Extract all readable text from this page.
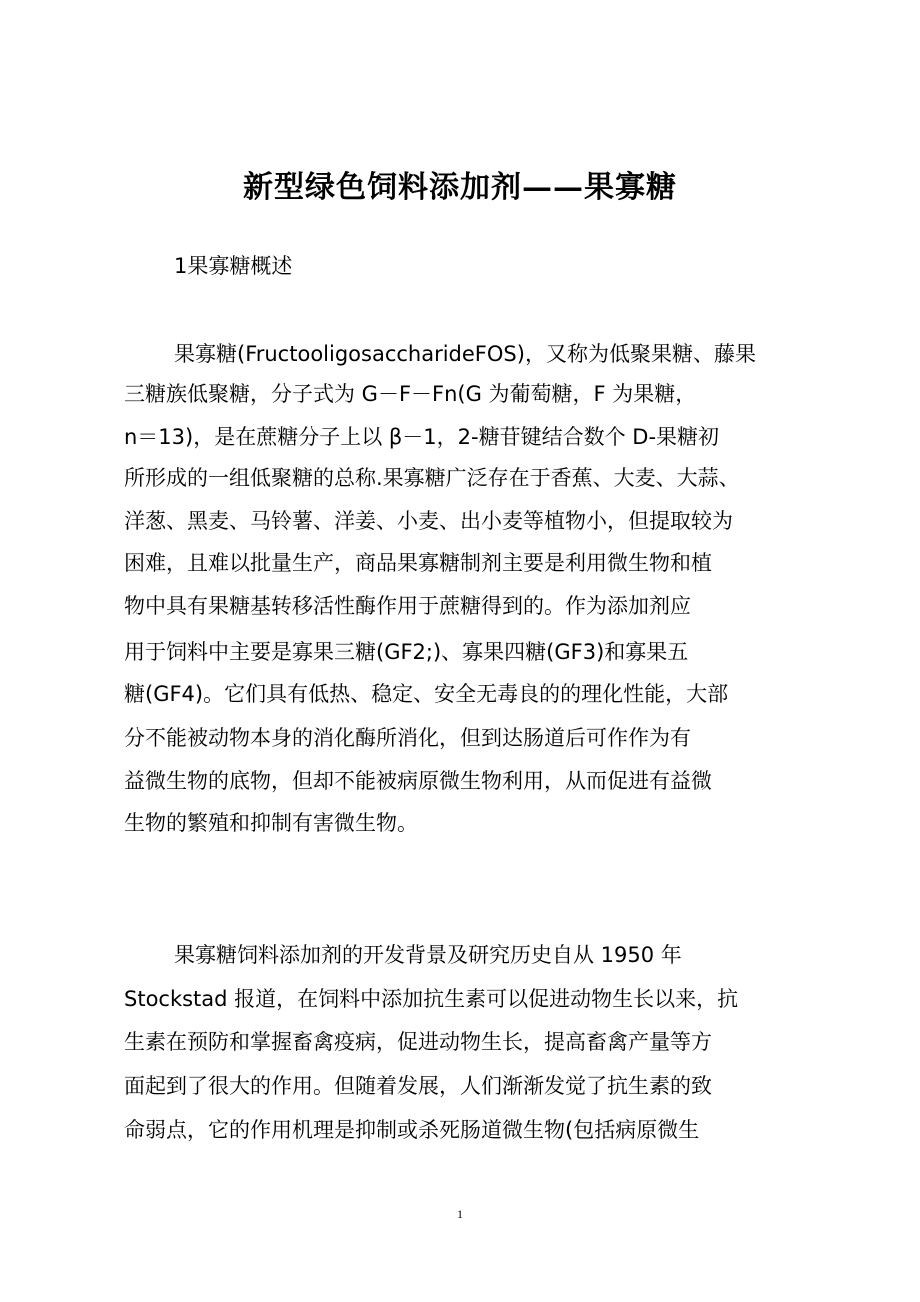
新型绿色饲料添加剂——果寡糖
1果寡糖概述
果寡糖(FructooligosaccharideFOS)，又称为低聚果糖、藤果
三糖族低聚糖，分子式为 G－F－Fn(G 为葡萄糖，F 为果糖，
n＝13)，是在蔗糖分子上以 β－1，2-糖苷键结合数个 D-果糖初
所形成的一组低聚糖的总称.果寡糖广泛存在于香蕉、大麦、大蒜、
洋葱、黑麦、马铃薯、洋姜、小麦、出小麦等植物小，但提取较为
困难，且难以批量生产，商品果寡糖制剂主要是利用微生物和植
物中具有果糖基转移活性酶作用于蔗糖得到的。作为添加剂应
用于饲料中主要是寡果三糖(GF2;)、寡果四糖(GF3)和寡果五
糖(GF4)。它们具有低热、稳定、安全无毒良的的理化性能，大部
分不能被动物本身的消化酶所消化，但到达肠道后可作作为有
益微生物的底物，但却不能被病原微生物利用，从而促进有益微
生物的繁殖和抑制有害微生物。
果寡糖饲料添加剂的开发背景及研究历史自从 1950 年
Stockstad 报道，在饲料中添加抗生素可以促进动物生长以来，抗
生素在预防和掌握畜禽疫病，促进动物生长，提高畜禽产量等方
面起到了很大的作用。但随着发展，人们渐渐发觉了抗生素的致
命弱点，它的作用机理是抑制或杀死肠道微生物(包括病原微生
1
